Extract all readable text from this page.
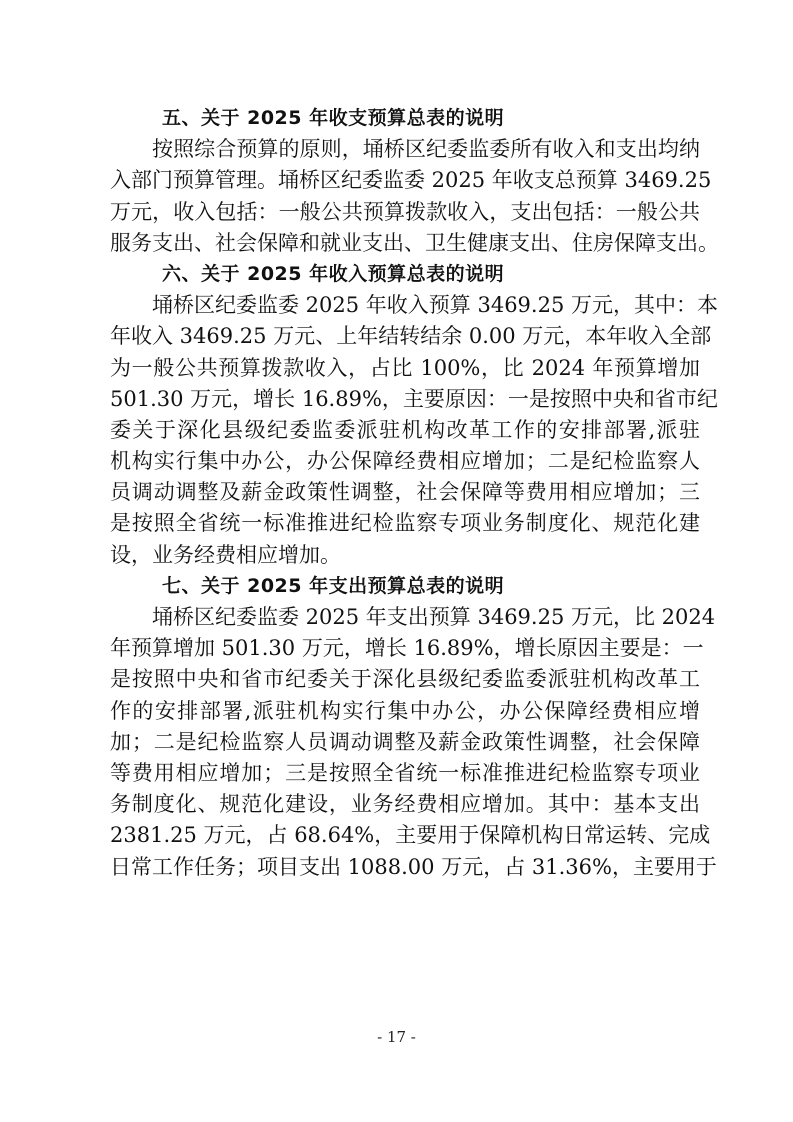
五、关于 2025 年收支预算总表的说明
按照综合预算的原则，埇桥区纪委监委所有收入和支出均纳
入部门预算管理。埇桥区纪委监委 2025 年收支总预算 3469.25
万元，收入包括：一般公共预算拨款收入，支出包括：一般公共
服务支出、社会保障和就业支出、卫生健康支出、住房保障支出。
六、关于 2025 年收入预算总表的说明
埇桥区纪委监委 2025 年收入预算 3469.25 万元，其中：本
年收入 3469.25 万元、上年结转结余 0.00 万元，本年收入全部
为一般公共预算拨款收入，占比 100%，比 2024 年预算增加
501.30 万元，增长 16.89%，主要原因：一是按照中央和省市纪
委关于深化县级纪委监委派驻机构改革工作的安排部署,派驻
机构实行集中办公，办公保障经费相应增加；二是纪检监察人
员调动调整及薪金政策性调整，社会保障等费用相应增加；三
是按照全省统一标准推进纪检监察专项业务制度化、规范化建
设，业务经费相应增加。
七、关于 2025 年支出预算总表的说明
埇桥区纪委监委 2025 年支出预算 3469.25 万元，比 2024
年预算增加 501.30 万元，增长 16.89%，增长原因主要是：一
是按照中央和省市纪委关于深化县级纪委监委派驻机构改革工
作的安排部署,派驻机构实行集中办公，办公保障经费相应增
加；二是纪检监察人员调动调整及薪金政策性调整，社会保障
等费用相应增加；三是按照全省统一标准推进纪检监察专项业
务制度化、规范化建设，业务经费相应增加。其中：基本支出
2381.25 万元，占 68.64%，主要用于保障机构日常运转、完成
日常工作任务；项目支出 1088.00 万元，占 31.36%，主要用于
- 17 -
